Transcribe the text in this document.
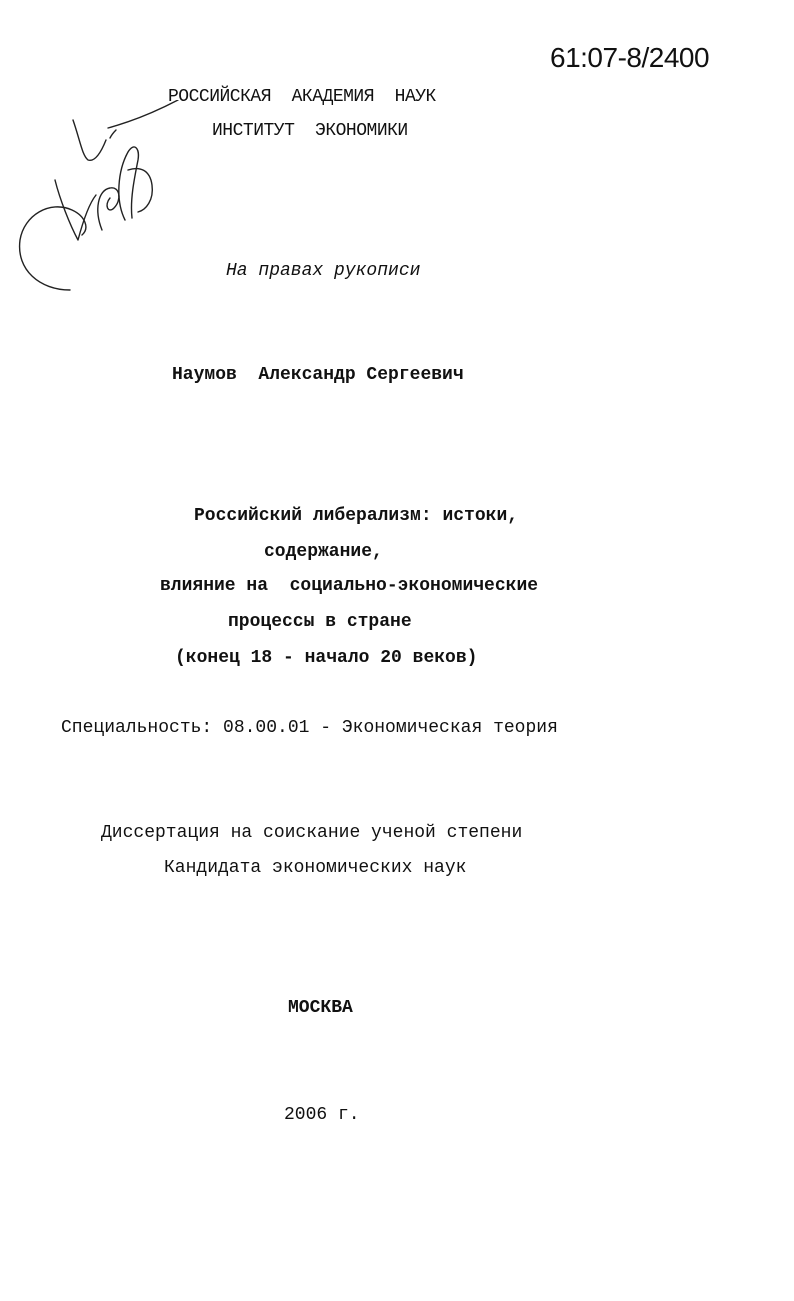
61:07-8/2400
РОССИЙСКАЯ  АКАДЕМИЯ  НАУК
ИНСТИТУТ  ЭКОНОМИКИ
На правах рукописи
Наумов  Александр Сергеевич
Российский либерализм: истоки,
содержание,
влияние на  социально-экономические
процессы в стране
(конец 18 - начало 20 веков)
Специальность: 08.00.01 - Экономическая теория
Диссертация на соискание ученой степени
Кандидата экономических наук
МОСКВА
2006 г.
